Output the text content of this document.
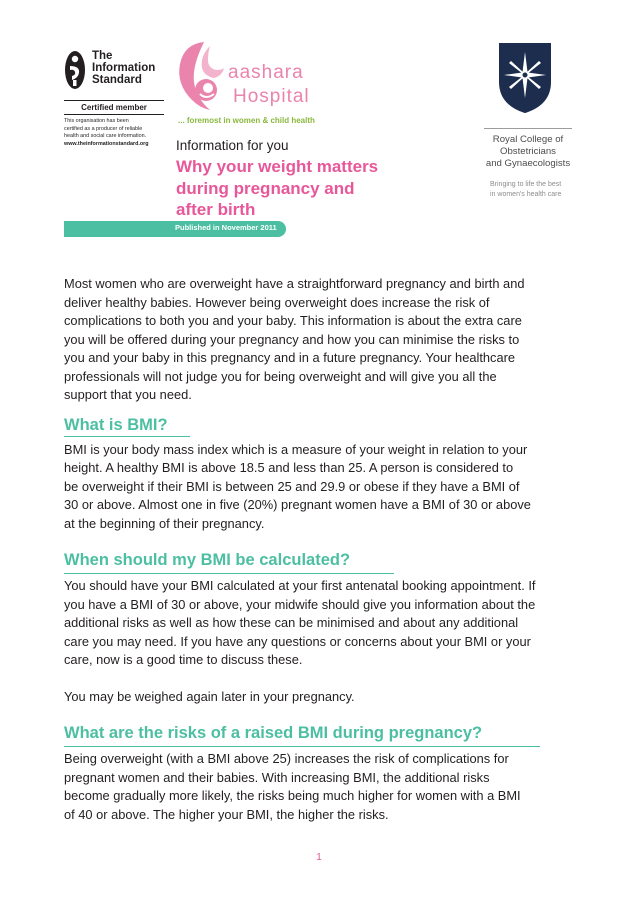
The
Information
Standard
Certified member
This organisation has been
certified as a producer of reliable
health and social care information.
www.theinformationstandard.org
aashara
Hospital
... foremost in women & child health
Information for you
Why your weight matters
during pregnancy and
after birth
Published in November 2011
Royal College of
Obstetricians
and Gynaecologists
Bringing to life the best
in women's health care
Most women who are overweight have a straightforward pregnancy and birth and
deliver healthy babies. However being overweight does increase the risk of
complications to both you and your baby. This information is about the extra care
you will be offered during your pregnancy and how you can minimise the risks to
you and your baby in this pregnancy and in a future pregnancy. Your healthcare
professionals will not judge you for being overweight and will give you all the
support that you need.
What is BMI?
BMI is your body mass index which is a measure of your weight in relation to your
height. A healthy BMI is above 18.5 and less than 25. A person is considered to
be overweight if their BMI is between 25 and 29.9 or obese if they have a BMI of
30 or above. Almost one in five (20%) pregnant women have a BMI of 30 or above
at the beginning of their pregnancy.
When should my BMI be calculated?
You should have your BMI calculated at your first antenatal booking appointment. If
you have a BMI of 30 or above, your midwife should give you information about the
additional risks as well as how these can be minimised and about any additional
care you may need. If you have any questions or concerns about your BMI or your
care, now is a good time to discuss these.
You may be weighed again later in your pregnancy.
What are the risks of a raised BMI during pregnancy?
Being overweight (with a BMI above 25) increases the risk of complications for
pregnant women and their babies. With increasing BMI, the additional risks
become gradually more likely, the risks being much higher for women with a BMI
of 40 or above. The higher your BMI, the higher the risks.
1
